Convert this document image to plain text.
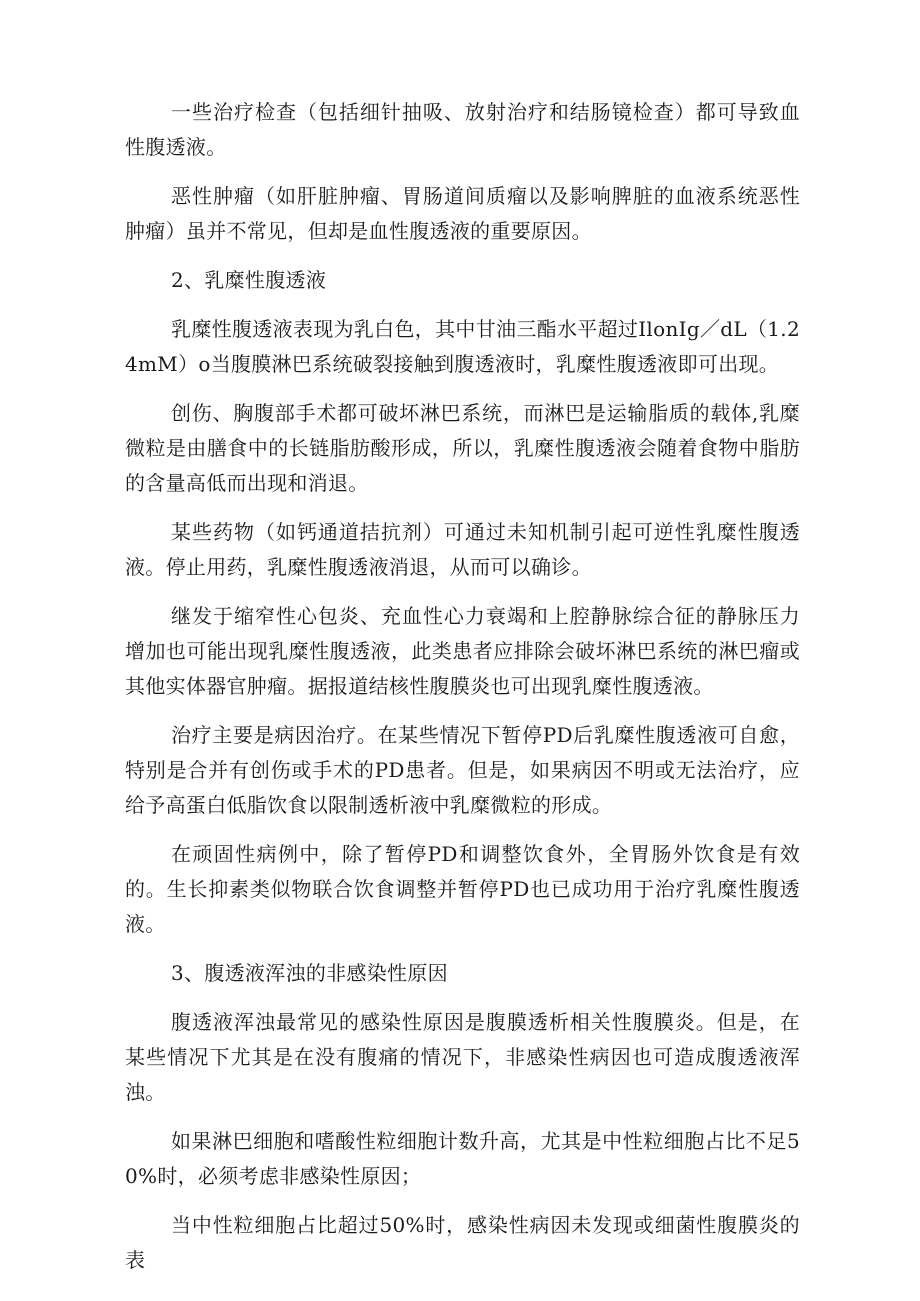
一些治疗检查（包括细针抽吸、放射治疗和结肠镜检查）都可导致血性腹透液。

恶性肿瘤（如肝脏肿瘤、胃肠道间质瘤以及影响脾脏的血液系统恶性肿瘤）虽并不常见，但却是血性腹透液的重要原因。

2、乳糜性腹透液

乳糜性腹透液表现为乳白色，其中甘油三酯水平超过IlonIg／dL（1.24mM）o当腹膜淋巴系统破裂接触到腹透液时，乳糜性腹透液即可出现。

创伤、胸腹部手术都可破坏淋巴系统，而淋巴是运输脂质的载体,乳糜微粒是由膳食中的长链脂肪酸形成，所以，乳糜性腹透液会随着食物中脂肪的含量高低而出现和消退。

某些药物（如钙通道拮抗剂）可通过未知机制引起可逆性乳糜性腹透液。停止用药，乳糜性腹透液消退，从而可以确诊。

继发于缩窄性心包炎、充血性心力衰竭和上腔静脉综合征的静脉压力增加也可能出现乳糜性腹透液，此类患者应排除会破坏淋巴系统的淋巴瘤或其他实体器官肿瘤。据报道结核性腹膜炎也可出现乳糜性腹透液。

治疗主要是病因治疗。在某些情况下暂停PD后乳糜性腹透液可自愈，特别是合并有创伤或手术的PD患者。但是，如果病因不明或无法治疗，应给予高蛋白低脂饮食以限制透析液中乳糜微粒的形成。

在顽固性病例中，除了暂停PD和调整饮食外，全胃肠外饮食是有效的。生长抑素类似物联合饮食调整并暂停PD也已成功用于治疗乳糜性腹透液。

3、腹透液浑浊的非感染性原因

腹透液浑浊最常见的感染性原因是腹膜透析相关性腹膜炎。但是，在某些情况下尤其是在没有腹痛的情况下，非感染性病因也可造成腹透液浑浊。

如果淋巴细胞和嗜酸性粒细胞计数升高，尤其是中性粒细胞占比不足50%时，必须考虑非感染性原因；

当中性粒细胞占比超过50%时，感染性病因未发现或细菌性腹膜炎的表
